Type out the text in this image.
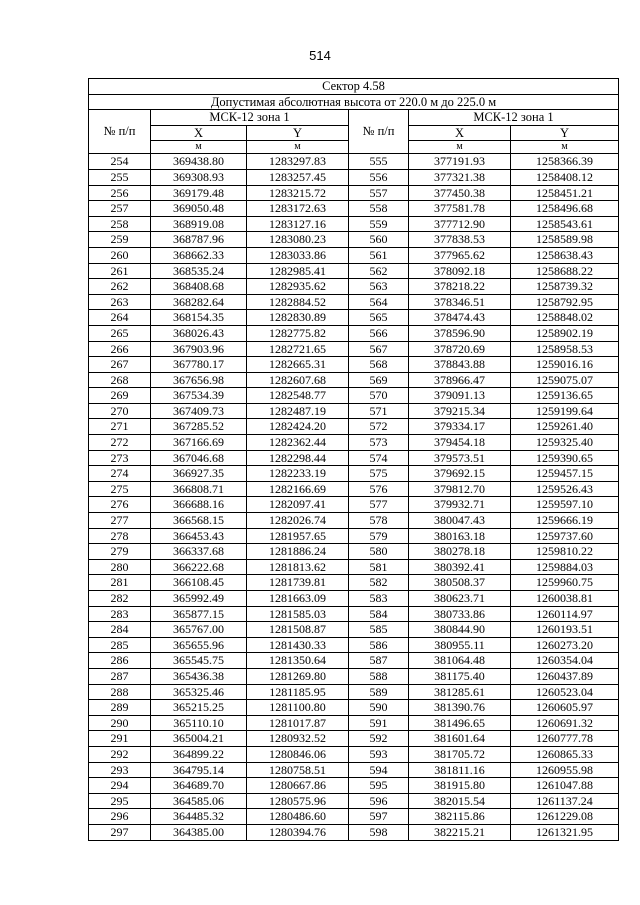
514
Сектор 4.58					
Допустимая абсолютная высота от 220.0 м до 225.0 м					
№ п/п	МСК-12 зона 1		№ п/п	МСК-12 зона 1	
	X	Y		X	Y
	м	м		м	м
254	369438.80	1283297.83	555	377191.93	1258366.39
255	369308.93	1283257.45	556	377321.38	1258408.12
256	369179.48	1283215.72	557	377450.38	1258451.21
257	369050.48	1283172.63	558	377581.78	1258496.68
258	368919.08	1283127.16	559	377712.90	1258543.61
259	368787.96	1283080.23	560	377838.53	1258589.98
260	368662.33	1283033.86	561	377965.62	1258638.43
261	368535.24	1282985.41	562	378092.18	1258688.22
262	368408.68	1282935.62	563	378218.22	1258739.32
263	368282.64	1282884.52	564	378346.51	1258792.95
264	368154.35	1282830.89	565	378474.43	1258848.02
265	368026.43	1282775.82	566	378596.90	1258902.19
266	367903.96	1282721.65	567	378720.69	1258958.53
267	367780.17	1282665.31	568	378843.88	1259016.16
268	367656.98	1282607.68	569	378966.47	1259075.07
269	367534.39	1282548.77	570	379091.13	1259136.65
270	367409.73	1282487.19	571	379215.34	1259199.64
271	367285.52	1282424.20	572	379334.17	1259261.40
272	367166.69	1282362.44	573	379454.18	1259325.40
273	367046.68	1282298.44	574	379573.51	1259390.65
274	366927.35	1282233.19	575	379692.15	1259457.15
275	366808.71	1282166.69	576	379812.70	1259526.43
276	366688.16	1282097.41	577	379932.71	1259597.10
277	366568.15	1282026.74	578	380047.43	1259666.19
278	366453.43	1281957.65	579	380163.18	1259737.60
279	366337.68	1281886.24	580	380278.18	1259810.22
280	366222.68	1281813.62	581	380392.41	1259884.03
281	366108.45	1281739.81	582	380508.37	1259960.75
282	365992.49	1281663.09	583	380623.71	1260038.81
283	365877.15	1281585.03	584	380733.86	1260114.97
284	365767.00	1281508.87	585	380844.90	1260193.51
285	365655.96	1281430.33	586	380955.11	1260273.20
286	365545.75	1281350.64	587	381064.48	1260354.04
287	365436.38	1281269.80	588	381175.40	1260437.89
288	365325.46	1281185.95	589	381285.61	1260523.04
289	365215.25	1281100.80	590	381390.76	1260605.97
290	365110.10	1281017.87	591	381496.65	1260691.32
291	365004.21	1280932.52	592	381601.64	1260777.78
292	364899.22	1280846.06	593	381705.72	1260865.33
293	364795.14	1280758.51	594	381811.16	1260955.98
294	364689.70	1280667.86	595	381915.80	1261047.88
295	364585.06	1280575.96	596	382015.54	1261137.24
296	364485.32	1280486.60	597	382115.86	1261229.08
297	364385.00	1280394.76	598	382215.21	1261321.95
